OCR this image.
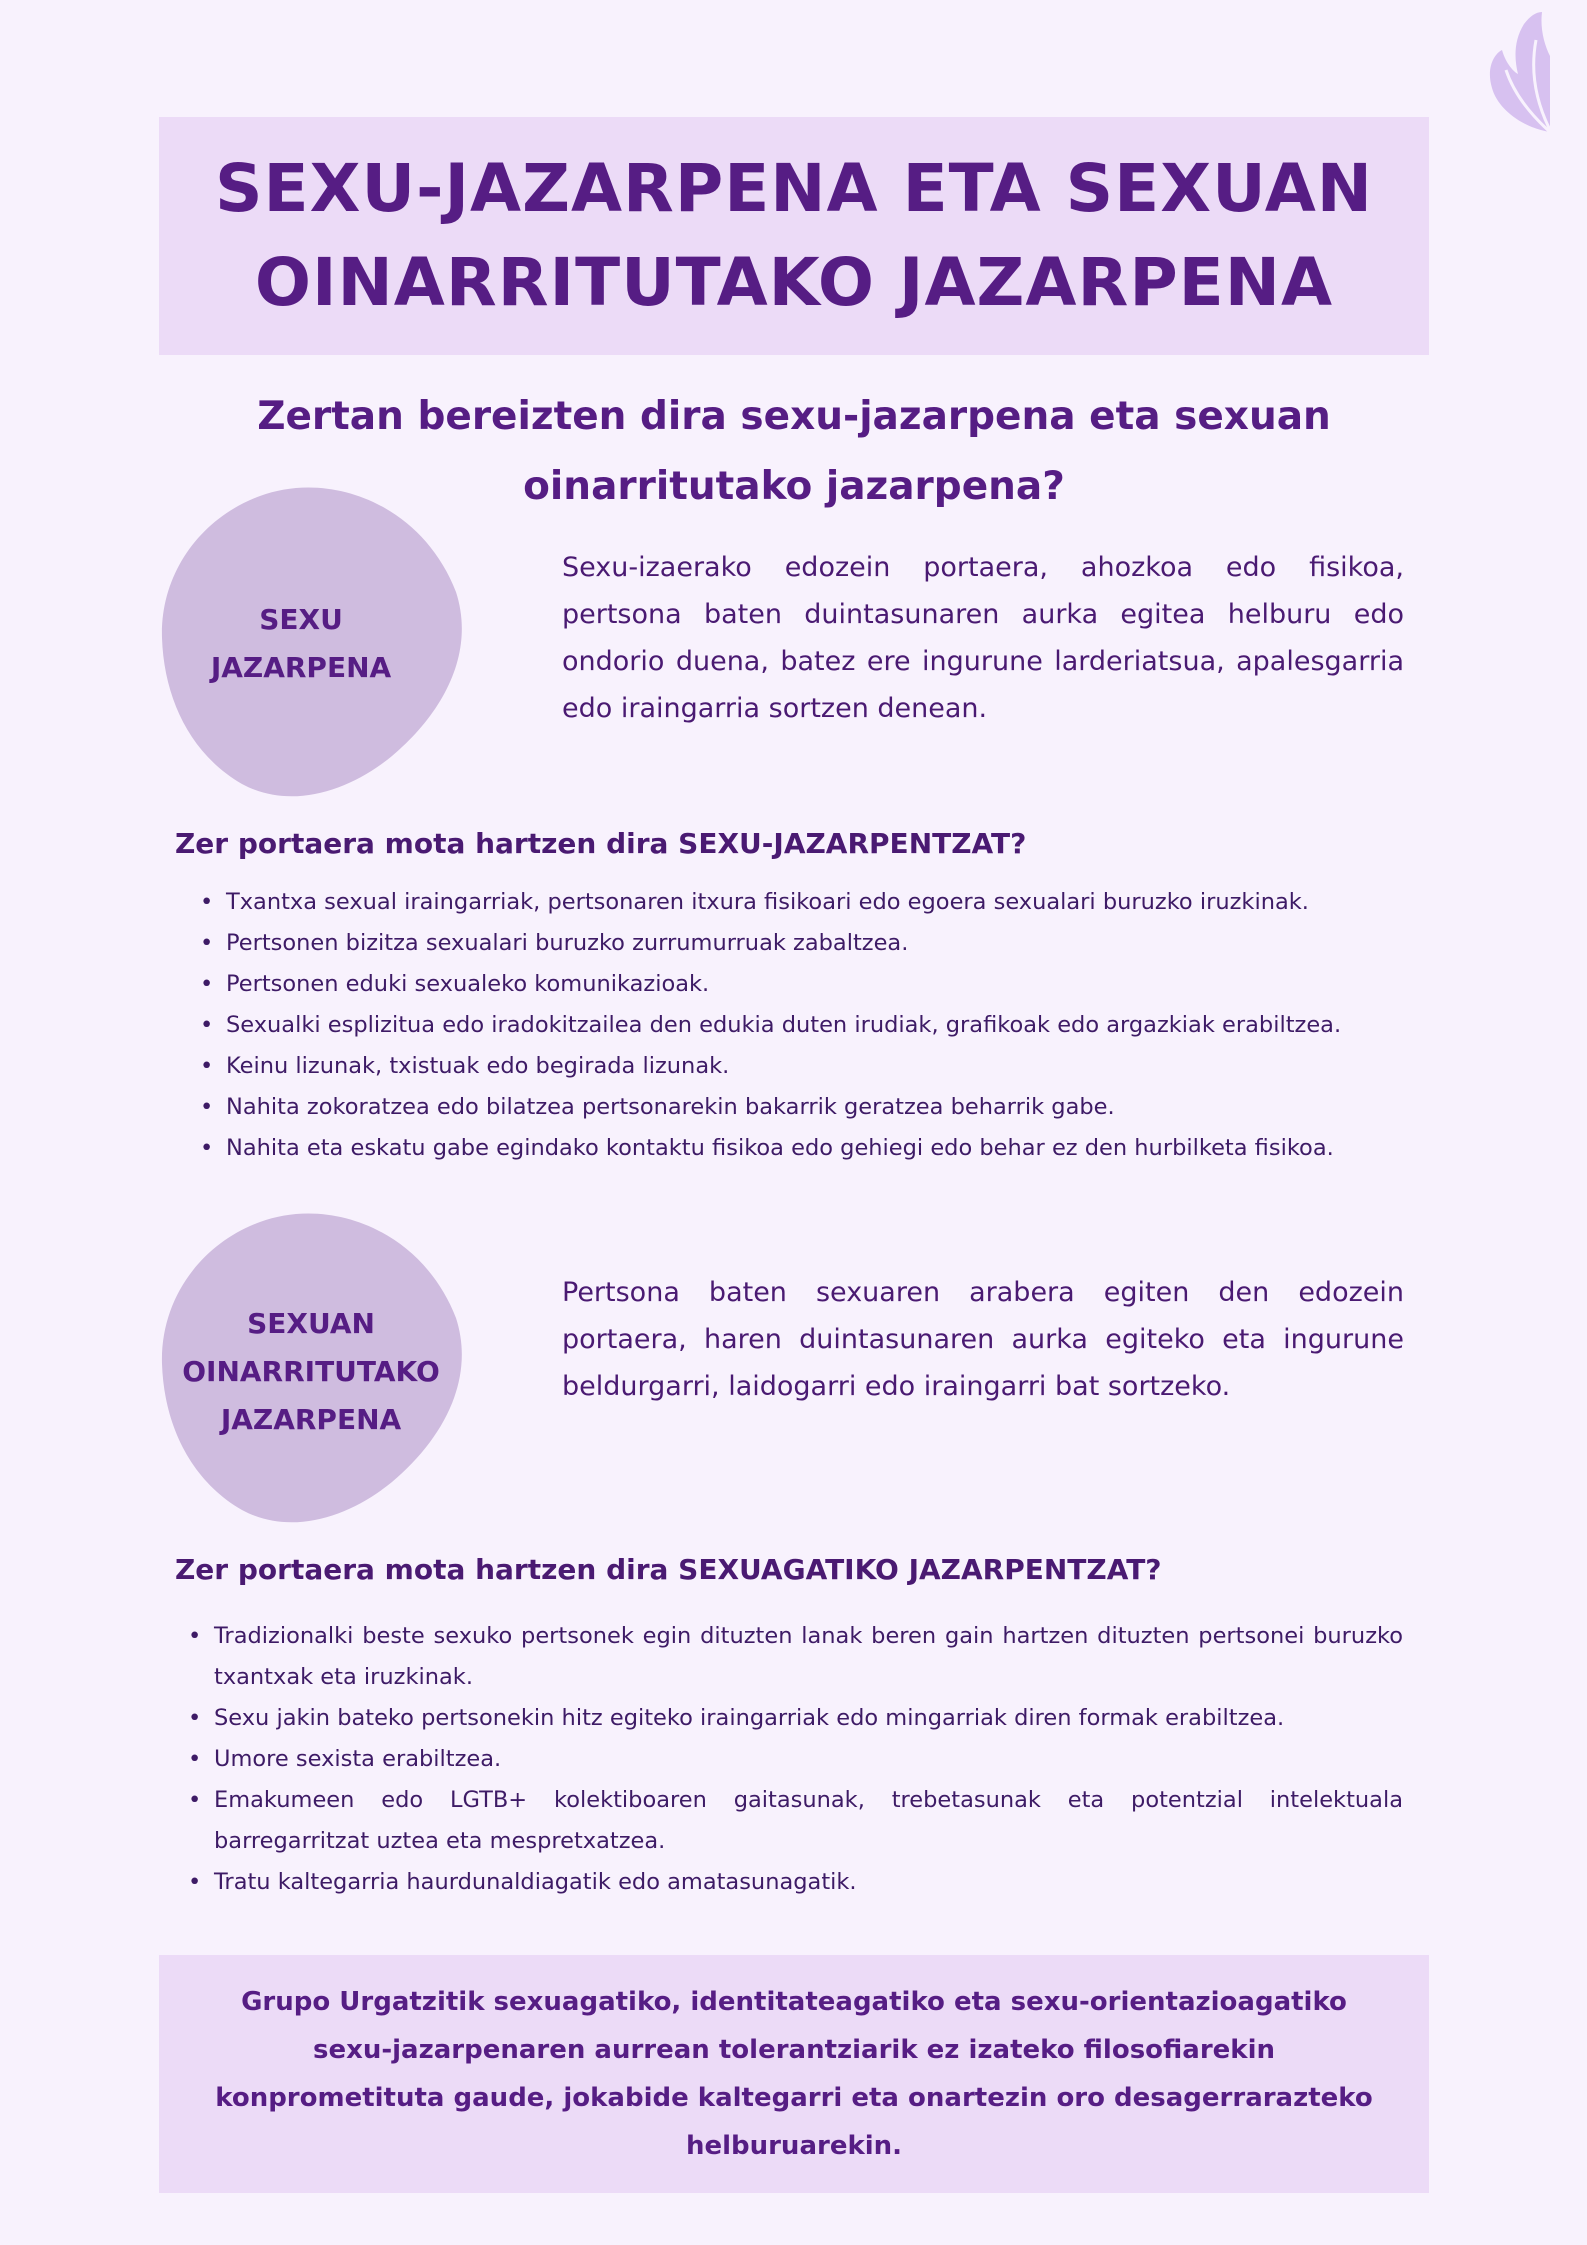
SEXU-JAZARPENA ETA SEXUAN
OINARRITUTAKO JAZARPENA
Zertan bereizten dira sexu-jazarpena eta sexuan
oinarritutako jazarpena?
SEXU
JAZARPENA
Sexu-izaerako edozein portaera, ahozkoa edo fisikoa, pertsona baten duintasunaren aurka egitea helburu edo ondorio duena, batez ere ingurune larderiatsua, apalesgarria edo iraingarria sortzen denean.
Zer portaera mota hartzen dira SEXU-JAZARPENTZAT?
• Txantxa sexual iraingarriak, pertsonaren itxura fisikoari edo egoera sexualari buruzko iruzkinak.
• Pertsonen bizitza sexualari buruzko zurrumurruak zabaltzea.
• Pertsonen eduki sexualeko komunikazioak.
• Sexualki esplizitua edo iradokitzailea den edukia duten irudiak, grafikoak edo argazkiak erabiltzea.
• Keinu lizunak, txistuak edo begirada lizunak.
• Nahita zokoratzea edo bilatzea pertsonarekin bakarrik geratzea beharrik gabe.
• Nahita eta eskatu gabe egindako kontaktu fisikoa edo gehiegi edo behar ez den hurbilketa fisikoa.
SEXUAN
OINARRITUTAKO
JAZARPENA
Pertsona baten sexuaren arabera egiten den edozein portaera, haren duintasunaren aurka egiteko eta ingurune beldurgarri, laidogarri edo iraingarri bat sortzeko.
Zer portaera mota hartzen dira SEXUAGATIKO JAZARPENTZAT?
• Tradizionalki beste sexuko pertsonek egin dituzten lanak beren gain hartzen dituzten pertsonei buruzko txantxak eta iruzkinak.
• Sexu jakin bateko pertsonekin hitz egiteko iraingarriak edo mingarriak diren formak erabiltzea.
• Umore sexista erabiltzea.
• Emakumeen edo LGTB+ kolektiboaren gaitasunak, trebetasunak eta potentzial intelektuala barregarritzat uztea eta mespretxatzea.
• Tratu kaltegarria haurdunaldiagatik edo amatasunagatik.
Grupo Urgatzitik sexuagatiko, identitateagatiko eta sexu-orientazioagatiko sexu-jazarpenaren aurrean tolerantziarik ez izateko filosofiarekin konprometituta gaude, jokabide kaltegarri eta onartezin oro desagerrarazteko helburuarekin.
